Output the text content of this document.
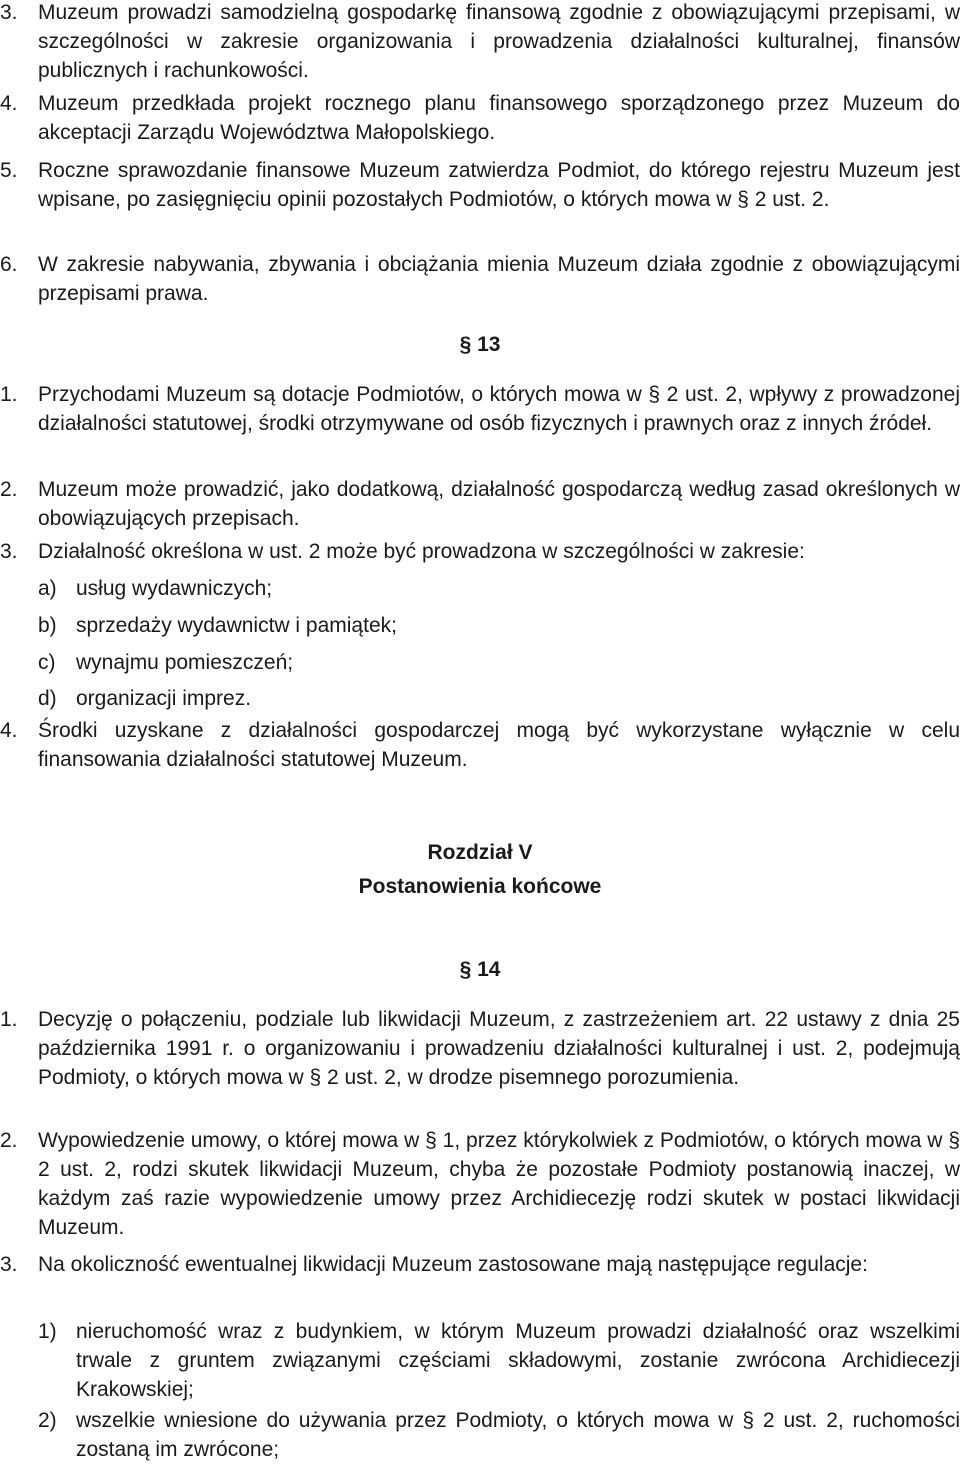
3. Muzeum prowadzi samodzielną gospodarkę finansową zgodnie z obowiązującymi przepisami, w szczególności w zakresie organizowania i prowadzenia działalności kulturalnej, finansów publicznych i rachunkowości.
4. Muzeum przedkłada projekt rocznego planu finansowego sporządzonego przez Muzeum do akceptacji Zarządu Województwa Małopolskiego.
5. Roczne sprawozdanie finansowe Muzeum zatwierdza Podmiot, do którego rejestru Muzeum jest wpisane, po zasięgnięciu opinii pozostałych Podmiotów, o których mowa w § 2 ust. 2.
6. W zakresie nabywania, zbywania i obciążania mienia Muzeum działa zgodnie z obowiązującymi przepisami prawa.
§ 13
1. Przychodami Muzeum są dotacje Podmiotów, o których mowa w § 2 ust. 2, wpływy z prowadzonej działalności statutowej, środki otrzymywane od osób fizycznych i prawnych oraz z innych źródeł.
2. Muzeum może prowadzić, jako dodatkową, działalność gospodarczą według zasad określonych w obowiązujących przepisach.
3. Działalność określona w ust. 2 może być prowadzona w szczególności w zakresie:
a) usług wydawniczych;
b) sprzedaży wydawnictw i pamiątek;
c) wynajmu pomieszczeń;
d) organizacji imprez.
4. Środki uzyskane z działalności gospodarczej mogą być wykorzystane wyłącznie w celu finansowania działalności statutowej Muzeum.
Rozdział V
Postanowienia końcowe
§ 14
1. Decyzję o połączeniu, podziale lub likwidacji Muzeum, z zastrzeżeniem art. 22 ustawy z dnia 25 października 1991 r. o organizowaniu i prowadzeniu działalności kulturalnej i ust. 2, podejmują Podmioty, o których mowa w § 2 ust. 2, w drodze pisemnego porozumienia.
2. Wypowiedzenie umowy, o której mowa w § 1, przez którykolwiek z Podmiotów, o których mowa w § 2 ust. 2, rodzi skutek likwidacji Muzeum, chyba że pozostałe Podmioty postanowią inaczej, w każdym zaś razie wypowiedzenie umowy przez Archidiecezję rodzi skutek w postaci likwidacji Muzeum.
3. Na okoliczność ewentualnej likwidacji Muzeum zastosowane mają następujące regulacje:
1) nieruchomość wraz z budynkiem, w którym Muzeum prowadzi działalność oraz wszelkimi trwale z gruntem związanymi częściami składowymi, zostanie zwrócona Archidiecezji Krakowskiej;
2) wszelkie wniesione do używania przez Podmioty, o których mowa w § 2 ust. 2, ruchomości zostaną im zwrócone;
